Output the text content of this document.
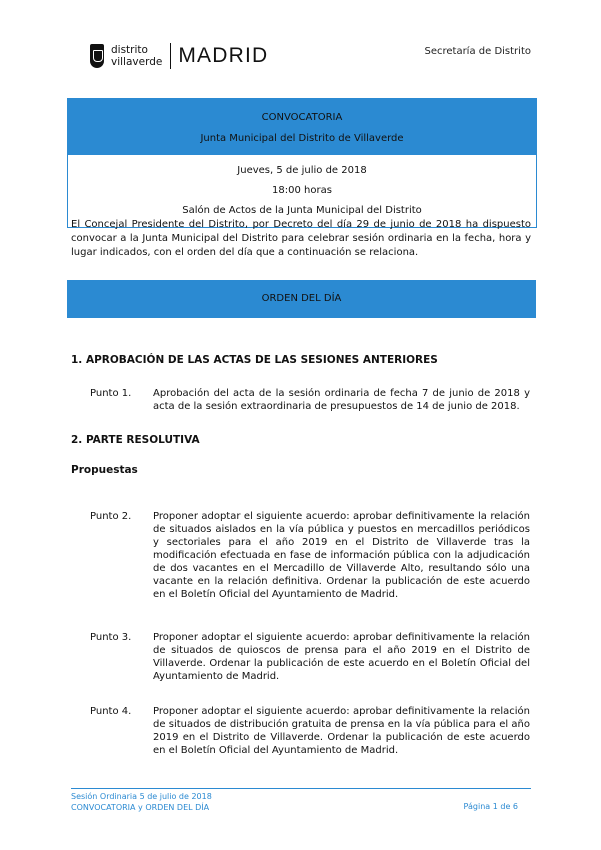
distrito
villaverde MADRID	Secretaría de Distrito
CONVOCATORIA
Junta Municipal del Distrito de Villaverde
Jueves, 5 de julio de 2018
18:00 horas
Salón de Actos de la Junta Municipal del Distrito
El Concejal Presidente del Distrito, por Decreto del día 29 de junio de 2018 ha dispuesto convocar a la Junta Municipal del Distrito para celebrar sesión ordinaria en la fecha, hora y lugar indicados, con el orden del día que a continuación se relaciona.
ORDEN DEL DÍA
1. APROBACIÓN DE LAS ACTAS DE LAS SESIONES ANTERIORES
Punto 1. Aprobación del acta de la sesión ordinaria de fecha 7 de junio de 2018 y acta de la sesión extraordinaria de presupuestos de 14 de junio de 2018.
2. PARTE RESOLUTIVA
Propuestas
Punto 2. Proponer adoptar el siguiente acuerdo: aprobar definitivamente la relación de situados aislados en la vía pública y puestos en mercadillos periódicos y sectoriales para el año 2019 en el Distrito de Villaverde tras la modificación efectuada en fase de información pública con la adjudicación de dos vacantes en el Mercadillo de Villaverde Alto, resultando sólo una vacante en la relación definitiva. Ordenar la publicación de este acuerdo en el Boletín Oficial del Ayuntamiento de Madrid.
Punto 3. Proponer adoptar el siguiente acuerdo: aprobar definitivamente la relación de situados de quioscos de prensa para el año 2019 en el Distrito de Villaverde. Ordenar la publicación de este acuerdo en el Boletín Oficial del Ayuntamiento de Madrid.
Punto 4. Proponer adoptar el siguiente acuerdo: aprobar definitivamente la relación de situados de distribución gratuita de prensa en la vía pública para el año 2019 en el Distrito de Villaverde. Ordenar la publicación de este acuerdo en el Boletín Oficial del Ayuntamiento de Madrid.
Sesión Ordinaria 5 de julio de 2018
CONVOCATORIA y ORDEN DEL DÍA	Página 1 de 6
